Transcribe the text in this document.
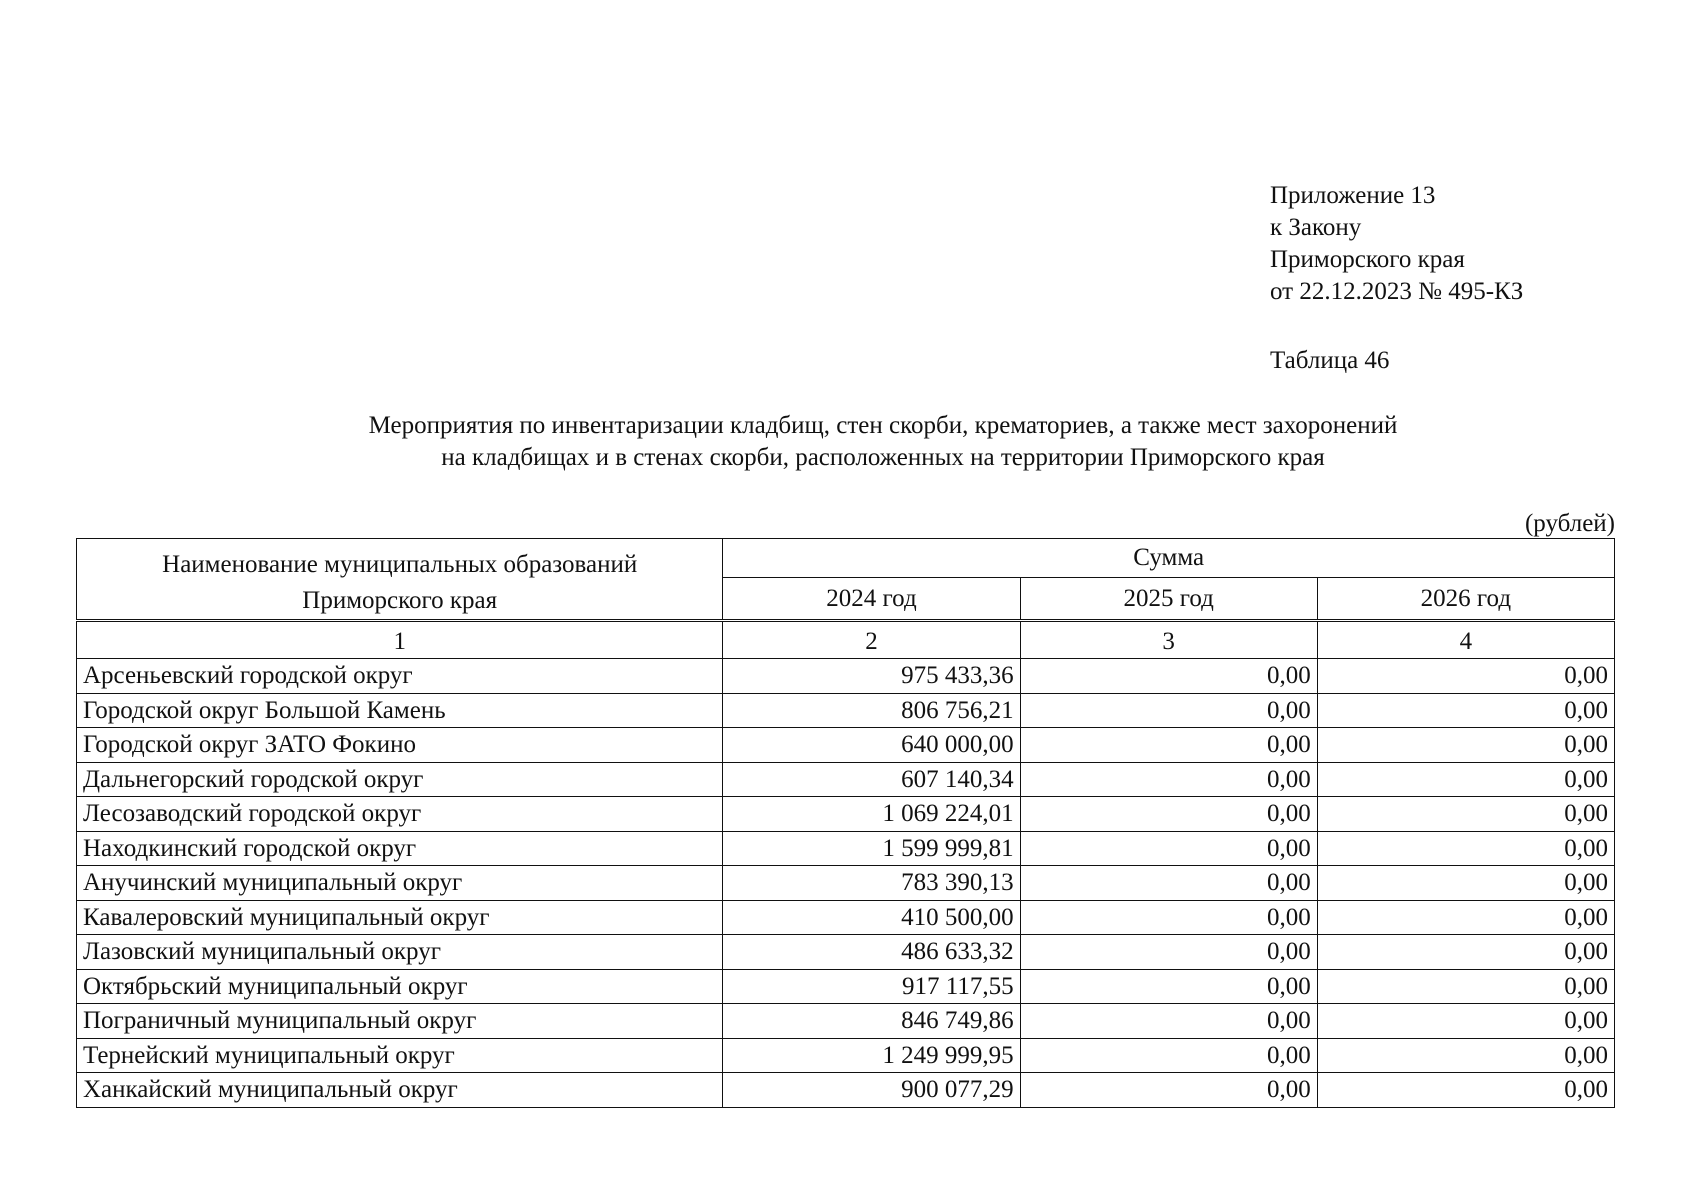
Приложение 13
к Закону
Приморского края
от 22.12.2023 № 495-КЗ
Таблица 46
Мероприятия по инвентаризации кладбищ, стен скорби, крематориев, а также мест захоронений
на кладбищах и в стенах скорби, расположенных на территории Приморского края
(рублей)
Наименование муниципальных образований
Приморского края	Сумма		
	2024 год	2025 год	2026 год
1	2	3	4
Арсеньевский городской округ	975 433,36	0,00	0,00
Городской округ Большой Камень	806 756,21	0,00	0,00
Городской округ ЗАТО Фокино	640 000,00	0,00	0,00
Дальнегорский городской округ	607 140,34	0,00	0,00
Лесозаводский городской округ	1 069 224,01	0,00	0,00
Находкинский городской округ	1 599 999,81	0,00	0,00
Анучинский муниципальный округ	783 390,13	0,00	0,00
Кавалеровский муниципальный округ	410 500,00	0,00	0,00
Лазовский муниципальный округ	486 633,32	0,00	0,00
Октябрьский муниципальный округ	917 117,55	0,00	0,00
Пограничный муниципальный округ	846 749,86	0,00	0,00
Тернейский муниципальный округ	1 249 999,95	0,00	0,00
Ханкайский муниципальный округ	900 077,29	0,00	0,00
